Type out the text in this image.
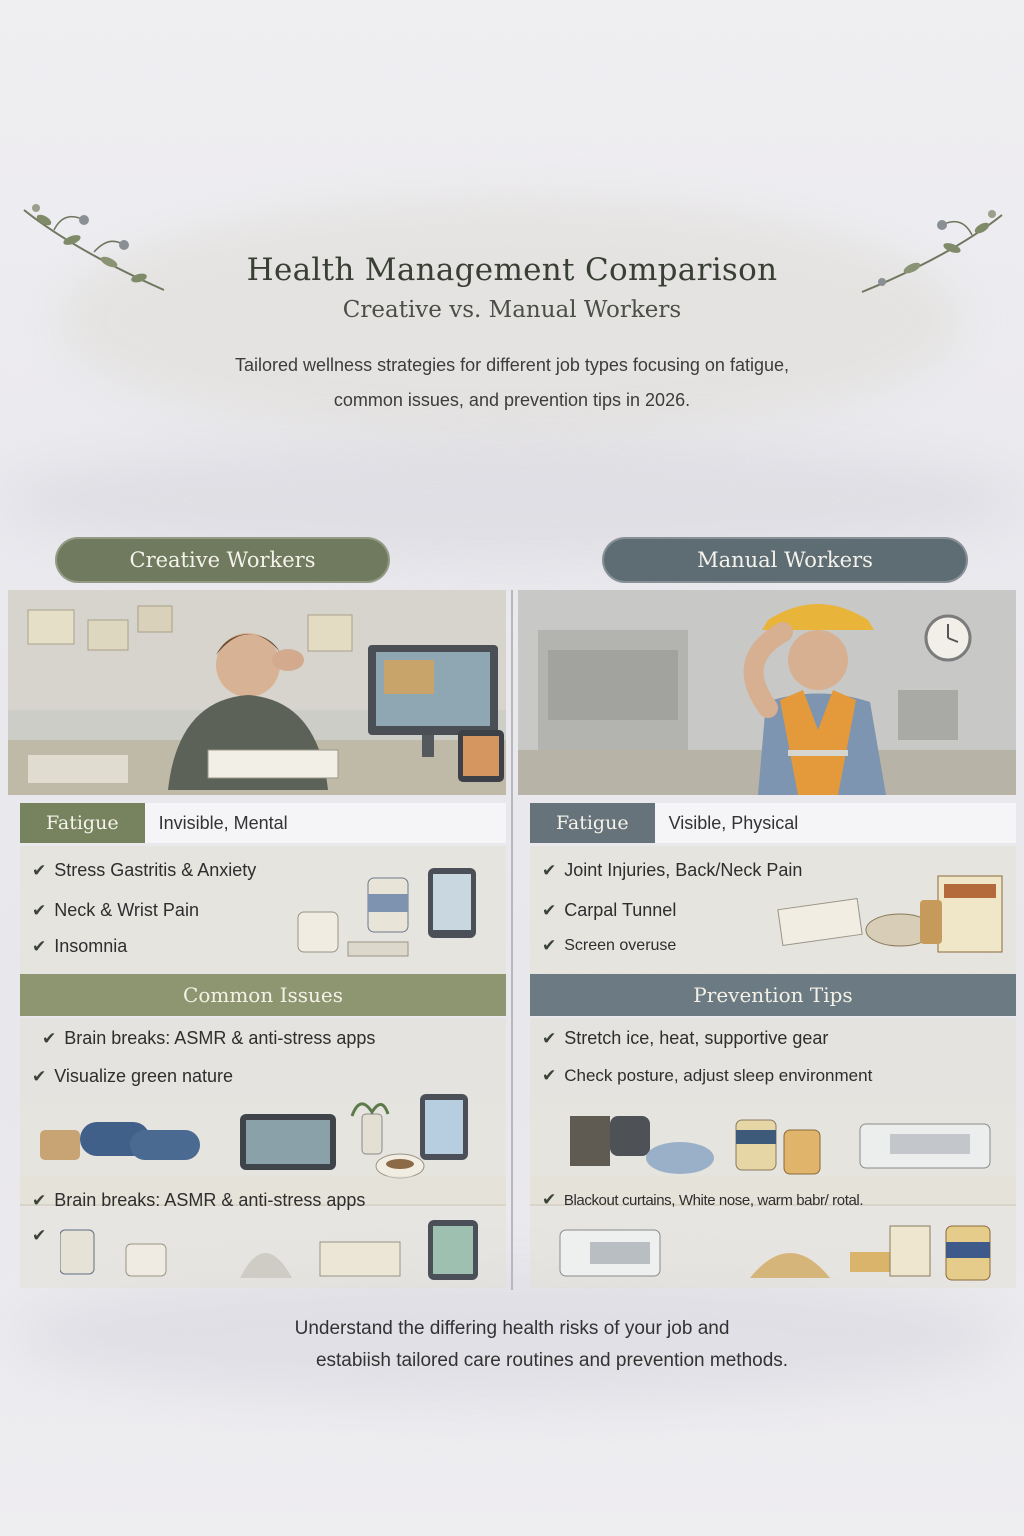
Health Management Comparison
Creative vs. Manual Workers
Tailored wellness strategies for different job types focusing on fatigue,
common issues, and prevention tips in 2026.
Creative Workers	Manual Workers
Fatigue	Invisible, Mental
✔ Stress Gastritis & Anxiety
✔ Neck & Wrist Pain
✔ Insomnia
Common Issues
✔ Brain breaks: ASMR & anti-stress apps
✔ Visualize green nature
✔ Brain breaks: ASMR & anti-stress apps
✔
Fatigue	Visible, Physical
✔ Joint Injuries, Back/Neck Pain
✔ Carpal Tunnel
✔ Screen overuse
Prevention Tips
✔ Stretch ice, heat, supportive gear
✔ Check posture, adjust sleep environment
✔ Blackout curtains, White nose, warm babr/ rotal.
Understand the differing health risks of your job and
estabiish tailored care routines and prevention methods.
